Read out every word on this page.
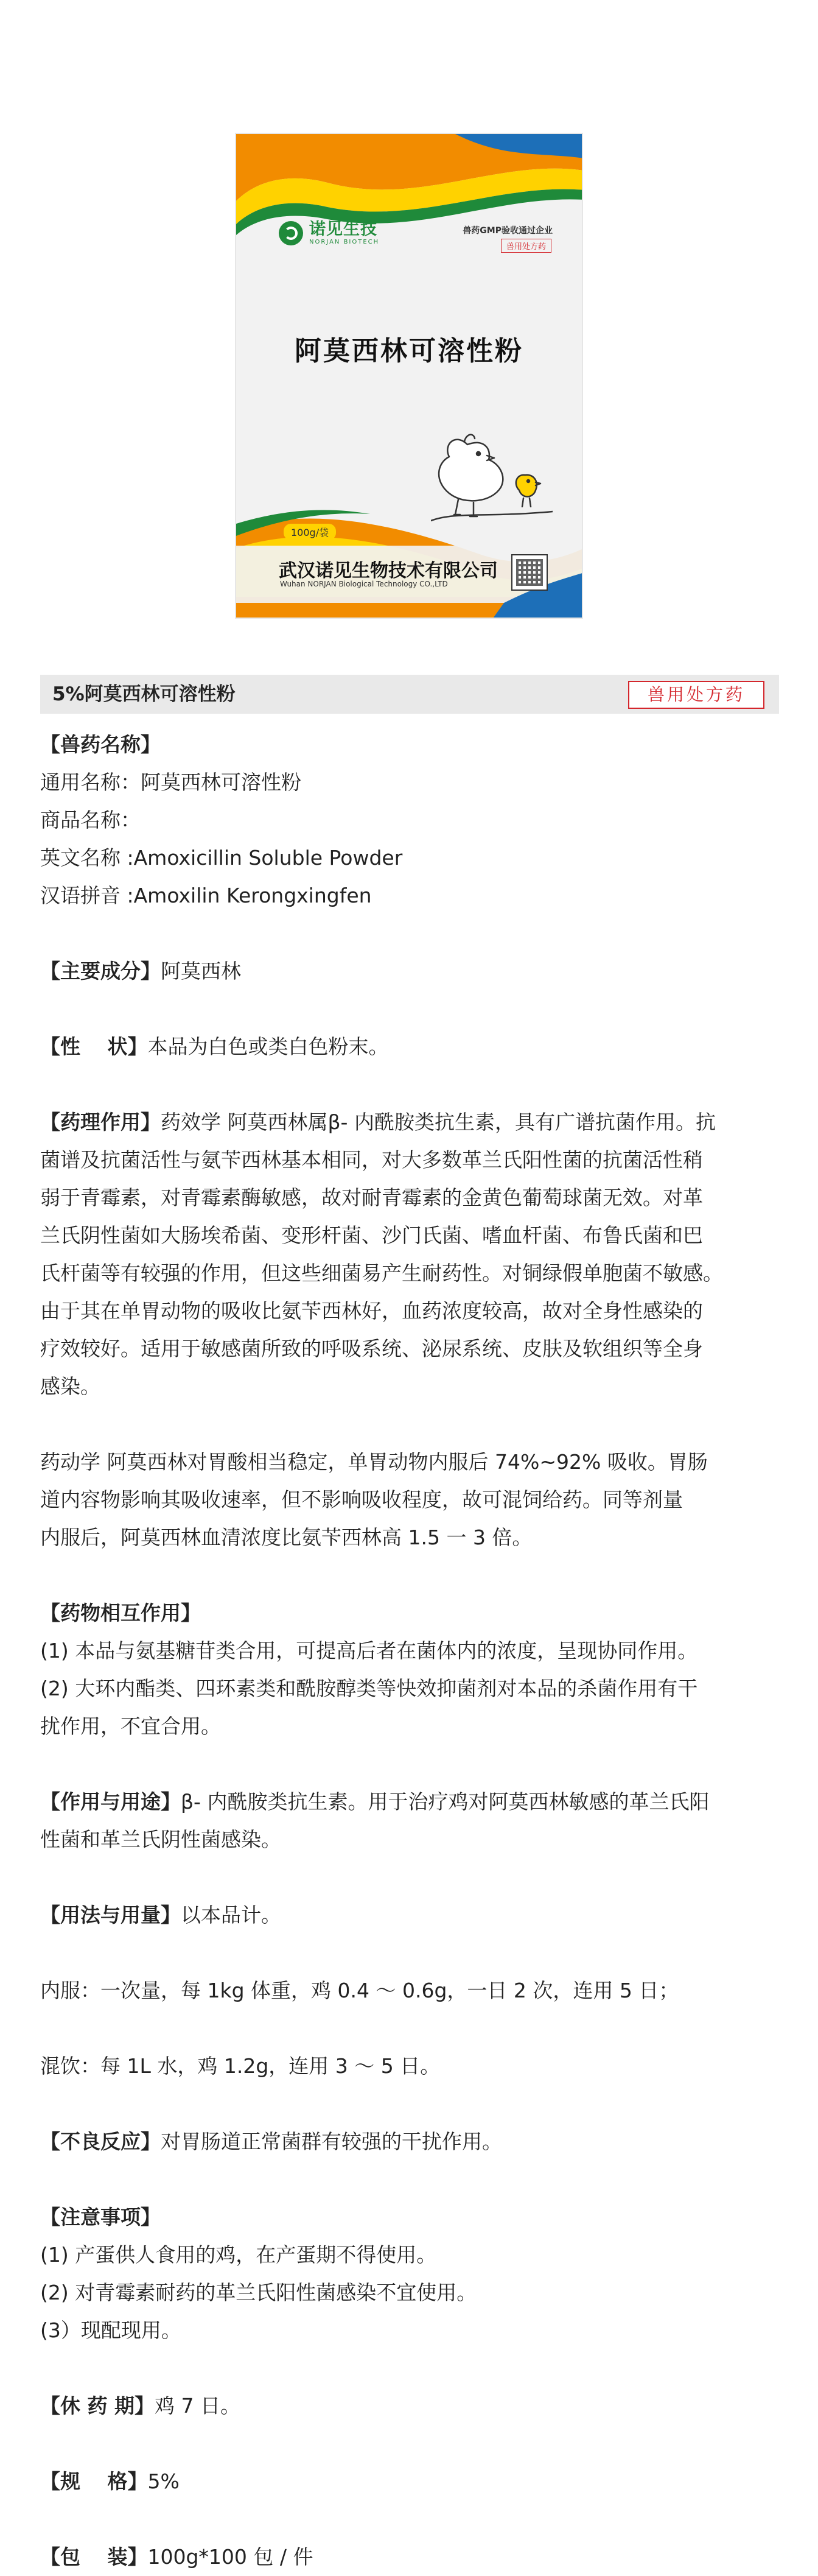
诺见生技
NORJAN BIOTECH
兽药GMP验收通过企业
兽用处方药
阿莫西林可溶性粉
100g/袋
武汉诺见生物技术有限公司
Wuhan NORJAN Biological Technology CO.,LTD
5%阿莫西林可溶性粉	兽用处方药
【兽药名称】
通用名称：阿莫西林可溶性粉
商品名称：
英文名称 :Amoxicillin Soluble Powder
汉语拼音 :Amoxilin Kerongxingfen
【主要成分】阿莫西林
【性　 状】本品为白色或类白色粉末。
【药理作用】药效学 阿莫西林属β- 内酰胺类抗生素，具有广谱抗菌作用。抗
菌谱及抗菌活性与氨苄西林基本相同，对大多数革兰氏阳性菌的抗菌活性稍
弱于青霉素，对青霉素酶敏感，故对耐青霉素的金黄色葡萄球菌无效。对革
兰氏阴性菌如大肠埃希菌、变形杆菌、沙门氏菌、嗜血杆菌、布鲁氏菌和巴
氏杆菌等有较强的作用，但这些细菌易产生耐药性。对铜绿假单胞菌不敏感。
由于其在单胃动物的吸收比氨苄西林好，血药浓度较高，故对全身性感染的
疗效较好。适用于敏感菌所致的呼吸系统、泌尿系统、皮肤及软组织等全身
感染。
药动学 阿莫西林对胃酸相当稳定，单胃动物内服后 74%~92% 吸收。胃肠
道内容物影响其吸收速率，但不影响吸收程度，故可混饲给药。同等剂量
内服后，阿莫西林血清浓度比氨苄西林高 1.5 一 3 倍。
【药物相互作用】
(1) 本品与氨基糖苷类合用，可提高后者在菌体内的浓度，呈现协同作用。
(2) 大环内酯类、四环素类和酰胺醇类等快效抑菌剂对本品的杀菌作用有干
扰作用，不宜合用。
【作用与用途】β- 内酰胺类抗生素。用于治疗鸡对阿莫西林敏感的革兰氏阳
性菌和革兰氏阴性菌感染。
【用法与用量】以本品计。
内服：一次量，每 1kg 体重，鸡 0.4 ～ 0.6g，一日 2 次，连用 5 日；
混饮：每 1L 水，鸡 1.2g，连用 3 ～ 5 日。
【不良反应】对胃肠道正常菌群有较强的干扰作用。
【注意事项】
(1) 产蛋供人食用的鸡，在产蛋期不得使用。
(2) 对青霉素耐药的革兰氏阳性菌感染不宜使用。
(3）现配现用。
【休 药 期】鸡 7 日。
【规　 格】5%
【包　 装】100g*100 包 / 件
